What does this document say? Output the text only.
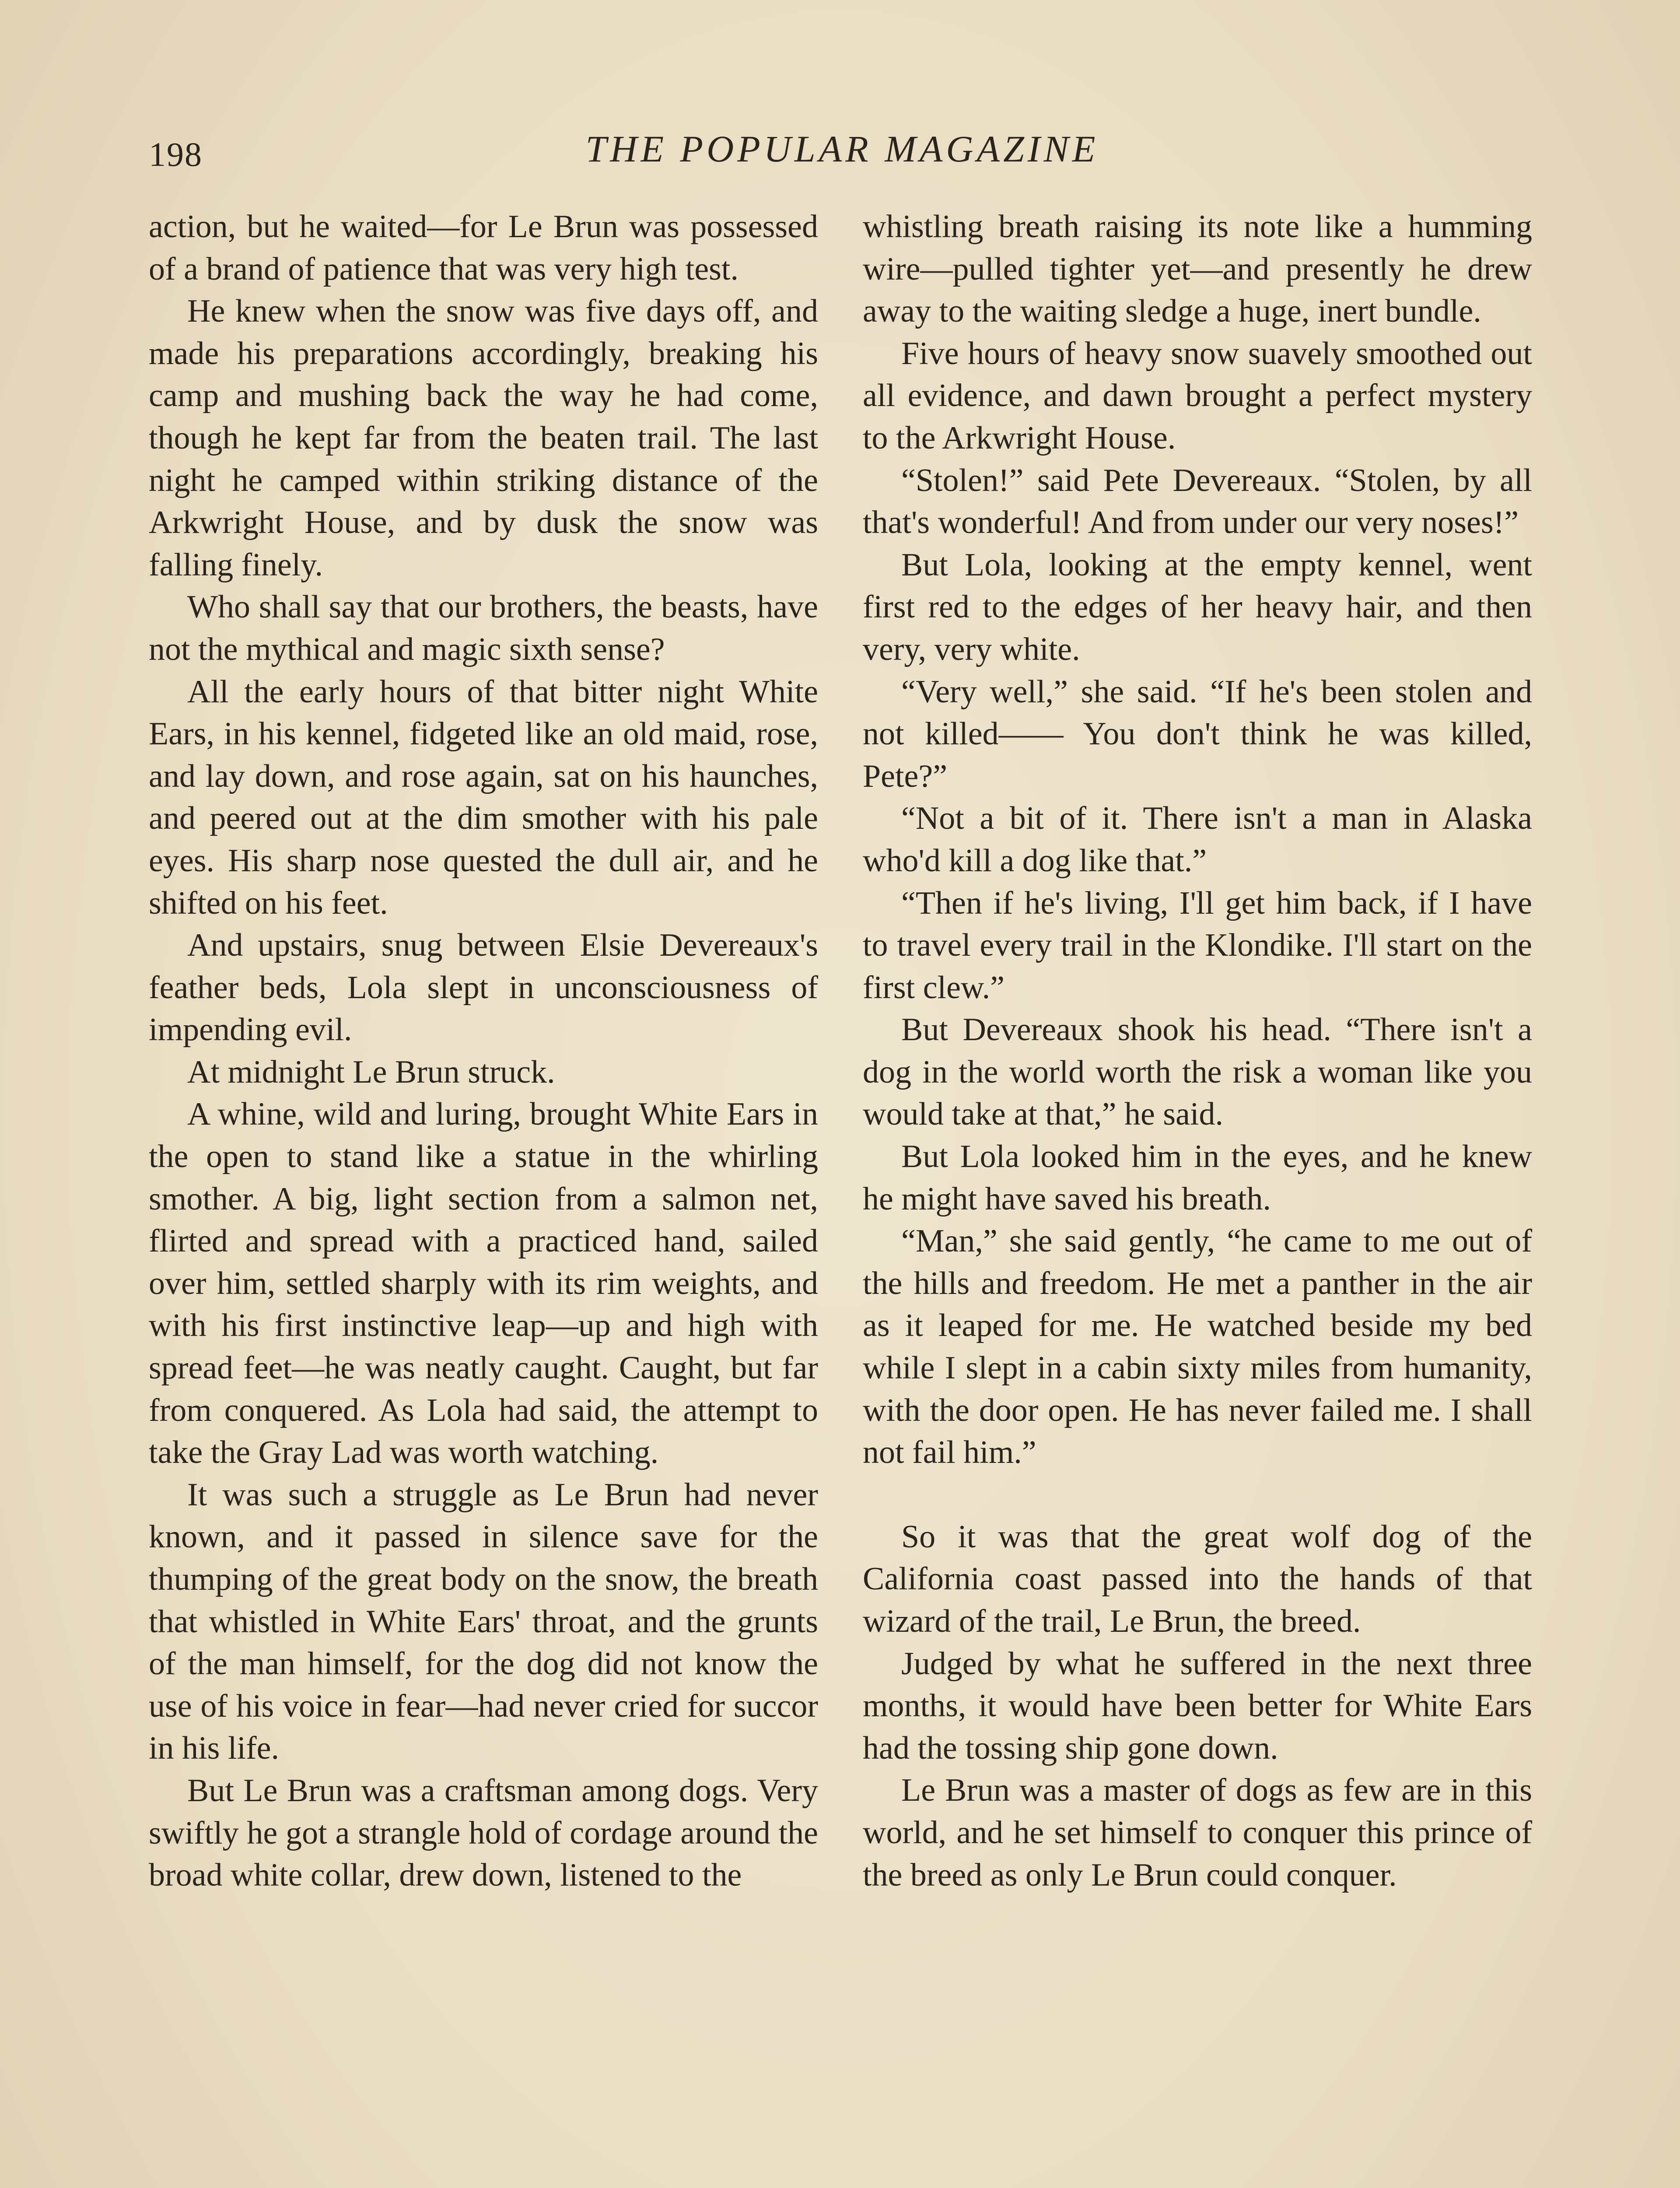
198	THE POPULAR MAGAZINE

action, but he waited—for Le Brun was possessed of a brand of patience that was very high test.

He knew when the snow was five days off, and made his preparations accordingly, breaking his camp and mushing back the way he had come, though he kept far from the beaten trail. The last night he camped within striking distance of the Arkwright House, and by dusk the snow was falling finely.

Who shall say that our brothers, the beasts, have not the mythical and magic sixth sense?

All the early hours of that bitter night White Ears, in his kennel, fidgeted like an old maid, rose, and lay down, and rose again, sat on his haunches, and peered out at the dim smother with his pale eyes. His sharp nose quested the dull air, and he shifted on his feet.

And upstairs, snug between Elsie Devereaux's feather beds, Lola slept in unconsciousness of impending evil.

At midnight Le Brun struck.

A whine, wild and luring, brought White Ears in the open to stand like a statue in the whirling smother. A big, light section from a salmon net, flirted and spread with a practiced hand, sailed over him, settled sharply with its rim weights, and with his first instinctive leap—up and high with spread feet—he was neatly caught. Caught, but far from conquered. As Lola had said, the attempt to take the Gray Lad was worth watching.

It was such a struggle as Le Brun had never known, and it passed in silence save for the thumping of the great body on the snow, the breath that whistled in White Ears' throat, and the grunts of the man himself, for the dog did not know the use of his voice in fear—had never cried for succor in his life.

But Le Brun was a craftsman among dogs. Very swiftly he got a strangle hold of cordage around the broad white collar, drew down, listened to the

whistling breath raising its note like a humming wire—pulled tighter yet—and presently he drew away to the waiting sledge a huge, inert bundle.

Five hours of heavy snow suavely smoothed out all evidence, and dawn brought a perfect mystery to the Arkwright House.

“Stolen!” said Pete Devereaux. “Stolen, by all that's wonderful! And from under our very noses!”

But Lola, looking at the empty kennel, went first red to the edges of her heavy hair, and then very, very white.

“Very well,” she said. “If he's been stolen and not killed—— You don't think he was killed, Pete?”

“Not a bit of it. There isn't a man in Alaska who'd kill a dog like that.”

“Then if he's living, I'll get him back, if I have to travel every trail in the Klondike. I'll start on the first clew.”

But Devereaux shook his head. “There isn't a dog in the world worth the risk a woman like you would take at that,” he said.

But Lola looked him in the eyes, and he knew he might have saved his breath.

“Man,” she said gently, “he came to me out of the hills and freedom. He met a panther in the air as it leaped for me. He watched beside my bed while I slept in a cabin sixty miles from humanity, with the door open. He has never failed me. I shall not fail him.”

So it was that the great wolf dog of the California coast passed into the hands of that wizard of the trail, Le Brun, the breed.

Judged by what he suffered in the next three months, it would have been better for White Ears had the tossing ship gone down.

Le Brun was a master of dogs as few are in this world, and he set himself to conquer this prince of the breed as only Le Brun could conquer.
